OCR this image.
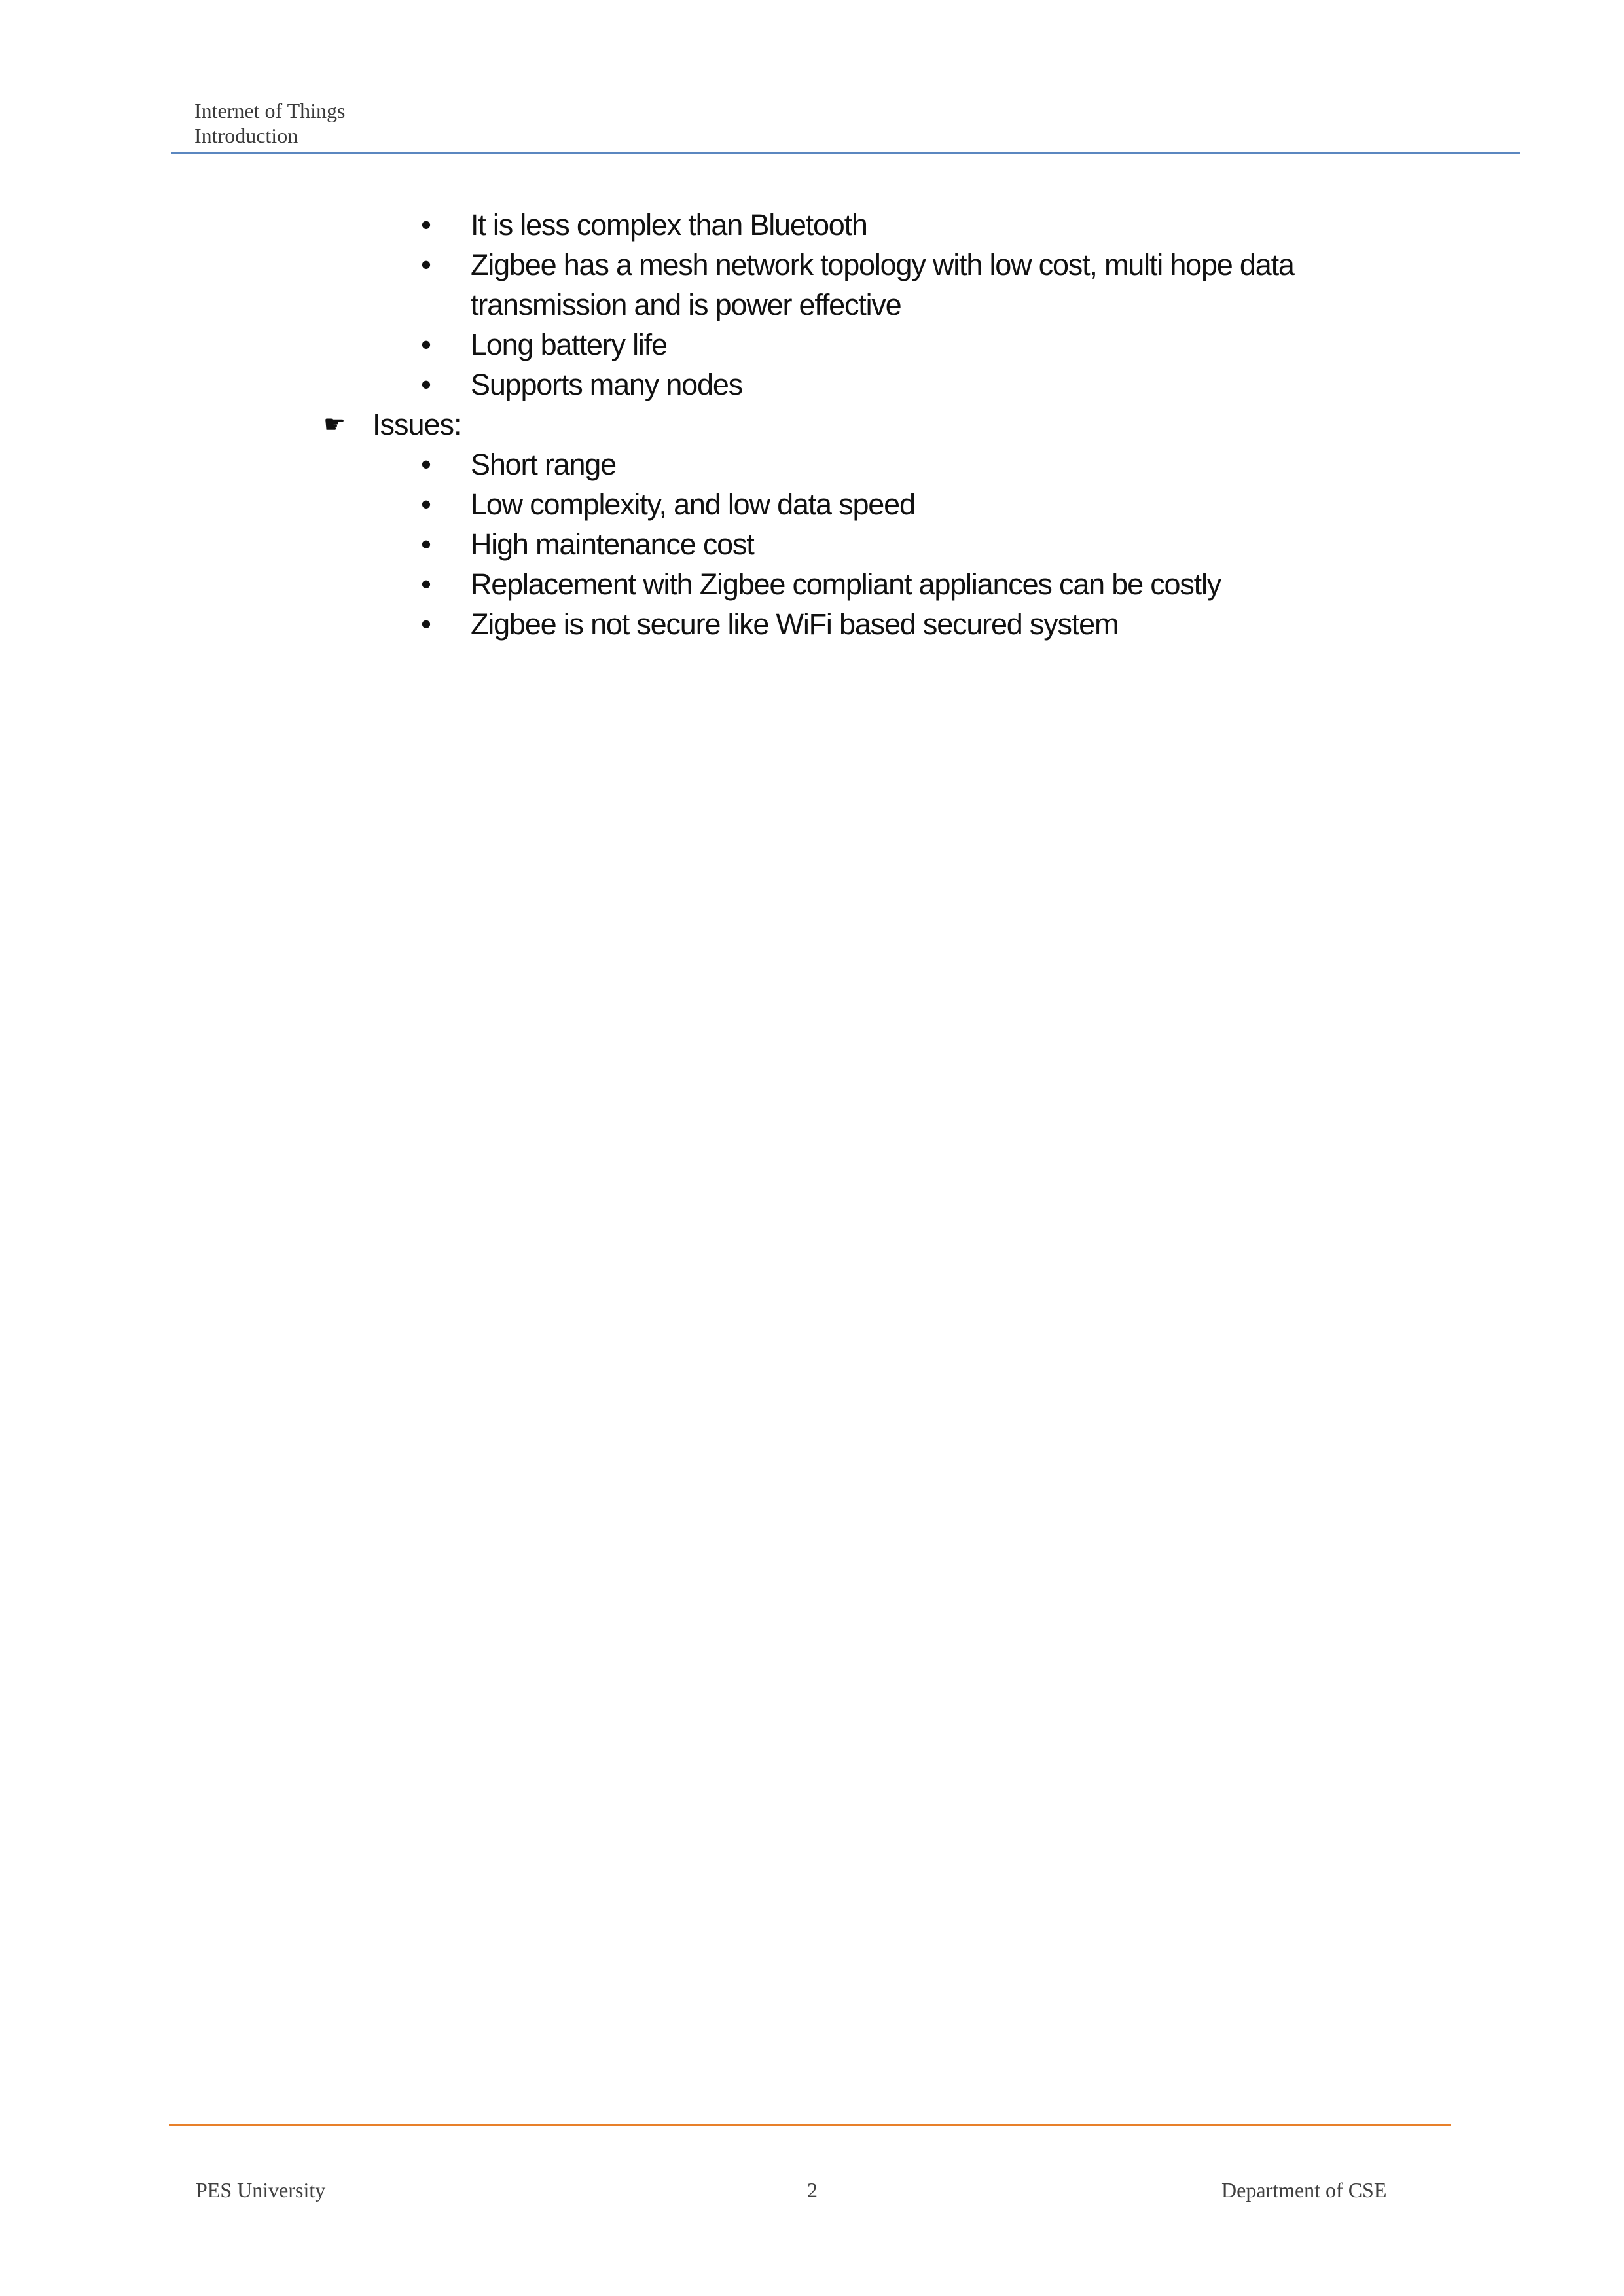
Internet of Things
Introduction
• It is less complex than Bluetooth
• Zigbee has a mesh network topology with low cost, multi hope data
transmission and is power effective
• Long battery life
• Supports many nodes
☛ Issues:
• Short range
• Low complexity, and low data speed
• High maintenance cost
• Replacement with Zigbee compliant appliances can be costly
• Zigbee is not secure like WiFi based secured system
PES University	2	Department of CSE
